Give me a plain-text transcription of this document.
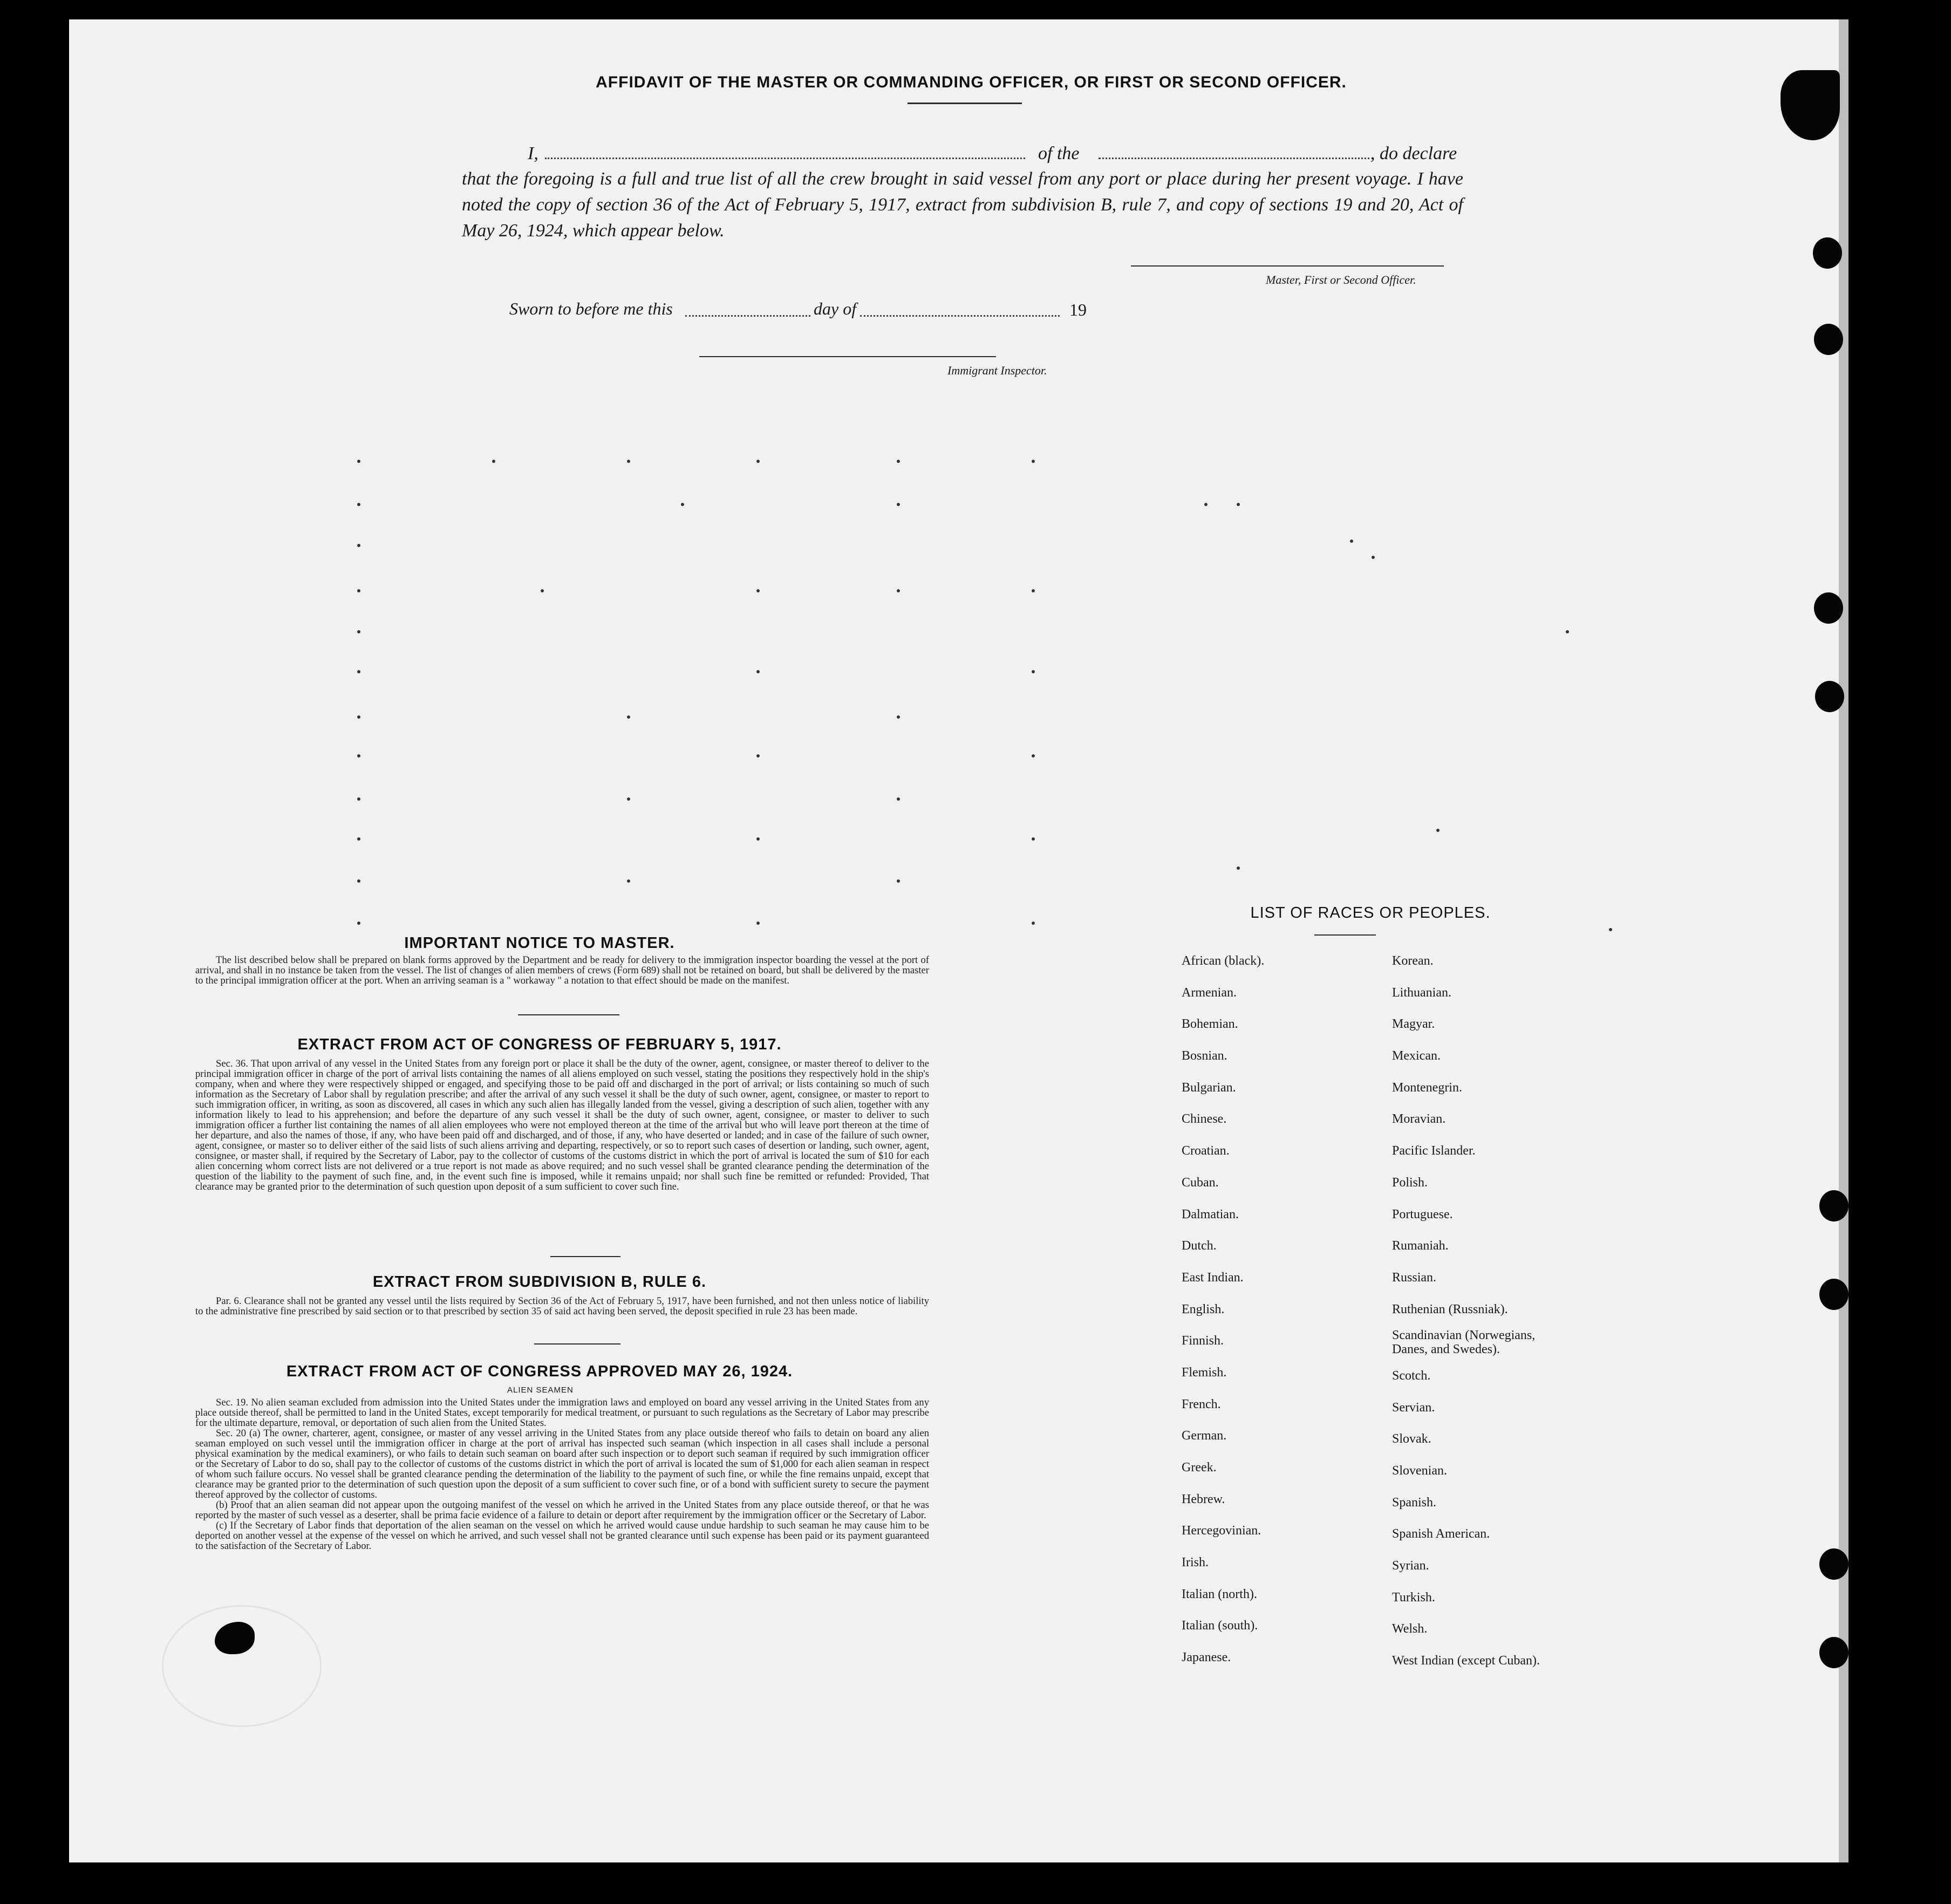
AFFIDAVIT OF THE MASTER OR COMMANDING OFFICER, OR FIRST OR SECOND OFFICER.
I,	of the	, do declare
that the foregoing is a full and true list of all the crew brought in said vessel from any port or place during her present voyage. I have noted the copy of section 36 of the Act of February 5, 1917, extract from subdivision B, rule 7, and copy of sections 19 and 20, Act of May 26, 1924, which appear below.
Master, First or Second Officer.
Sworn to before me this	day of	19
Immigrant Inspector.
IMPORTANT NOTICE TO MASTER.

The list described below shall be prepared on blank forms approved by the Department and be ready for delivery to the immigration inspector boarding the vessel at the port of arrival, and shall in no instance be taken from the vessel. The list of changes of alien members of crews (Form 689) shall not be retained on board, but shall be delivered by the master to the principal immigration officer at the port. When an arriving seaman is a " workaway " a notation to that effect should be made on the manifest.

EXTRACT FROM ACT OF CONGRESS OF FEBRUARY 5, 1917.

Sec. 36. That upon arrival of any vessel in the United States from any foreign port or place it shall be the duty of the owner, agent, consignee, or master thereof to deliver to the principal immigration officer in charge of the port of arrival lists containing the names of all aliens employed on such vessel, stating the positions they respectively hold in the ship's company, when and where they were respectively shipped or engaged, and specifying those to be paid off and discharged in the port of arrival; or lists containing so much of such information as the Secretary of Labor shall by regulation prescribe; and after the arrival of any such vessel it shall be the duty of such owner, agent, consignee, or master to report to such immigration officer, in writing, as soon as discovered, all cases in which any such alien has illegally landed from the vessel, giving a description of such alien, together with any information likely to lead to his apprehension; and before the departure of any such vessel it shall be the duty of such owner, agent, consignee, or master to deliver to such immigration officer a further list containing the names of all alien employees who were not employed thereon at the time of the arrival but who will leave port thereon at the time of her departure, and also the names of those, if any, who have been paid off and discharged, and of those, if any, who have deserted or landed; and in case of the failure of such owner, agent, consignee, or master so to deliver either of the said lists of such aliens arriving and departing, respectively, or so to report such cases of desertion or landing, such owner, agent, consignee, or master shall, if required by the Secretary of Labor, pay to the collector of customs of the customs district in which the port of arrival is located the sum of $10 for each alien concerning whom correct lists are not delivered or a true report is not made as above required; and no such vessel shall be granted clearance pending the determination of the question of the liability to the payment of such fine, and, in the event such fine is imposed, while it remains unpaid; nor shall such fine be remitted or refunded: Provided, That clearance may be granted prior to the determination of such question upon deposit of a sum sufficient to cover such fine.

EXTRACT FROM SUBDIVISION B, RULE 6.

Par. 6. Clearance shall not be granted any vessel until the lists required by Section 36 of the Act of February 5, 1917, have been furnished, and not then unless notice of liability to the administrative fine prescribed by said section or to that prescribed by section 35 of said act having been served, the deposit specified in rule 23 has been made.

EXTRACT FROM ACT OF CONGRESS APPROVED MAY 26, 1924.
ALIEN SEAMEN

Sec. 19. No alien seaman excluded from admission into the United States under the immigration laws and employed on board any vessel arriving in the United States from any place outside thereof, shall be permitted to land in the United States, except temporarily for medical treatment, or pursuant to such regulations as the Secretary of Labor may prescribe for the ultimate departure, removal, or deportation of such alien from the United States.

Sec. 20 (a) The owner, charterer, agent, consignee, or master of any vessel arriving in the United States from any place outside thereof who fails to detain on board any alien seaman employed on such vessel until the immigration officer in charge at the port of arrival has inspected such seaman (which inspection in all cases shall include a personal physical examination by the medical examiners), or who fails to detain such seaman on board after such inspection or to deport such seaman if required by such immigration officer or the Secretary of Labor to do so, shall pay to the collector of customs of the customs district in which the port of arrival is located the sum of $1,000 for each alien seaman in respect of whom such failure occurs. No vessel shall be granted clearance pending the determination of the liability to the payment of such fine, or while the fine remains unpaid, except that clearance may be granted prior to the determination of such question upon the deposit of a sum sufficient to cover such fine, or of a bond with sufficient surety to secure the payment thereof approved by the collector of customs.

(b) Proof that an alien seaman did not appear upon the outgoing manifest of the vessel on which he arrived in the United States from any place outside thereof, or that he was reported by the master of such vessel as a deserter, shall be prima facie evidence of a failure to detain or deport after requirement by the immigration officer or the Secretary of Labor.

(c) If the Secretary of Labor finds that deportation of the alien seaman on the vessel on which he arrived would cause undue hardship to such seaman he may cause him to be deported on another vessel at the expense of the vessel on which he arrived, and such vessel shall not be granted clearance until such expense has been paid or its payment guaranteed to the satisfaction of the Secretary of Labor.

LIST OF RACES OR PEOPLES.
African (black).
Armenian.
Bohemian.
Bosnian.
Bulgarian.
Chinese.
Croatian.
Cuban.
Dalmatian.
Dutch.
East Indian.
English.
Finnish.
Flemish.
French.
German.
Greek.
Hebrew.
Hercegovinian.
Irish.
Italian (north).
Italian (south).
Japanese.
Korean.
Lithuanian.
Magyar.
Mexican.
Montenegrin.
Moravian.
Pacific Islander.
Polish.
Portuguese.
Rumaniah.
Russian.
Ruthenian (Russniak).
Scandinavian (Norwegians, Danes, and Swedes).
Scotch.
Servian.
Slovak.
Slovenian.
Spanish.
Spanish American.
Syrian.
Turkish.
Welsh.
West Indian (except Cuban).
